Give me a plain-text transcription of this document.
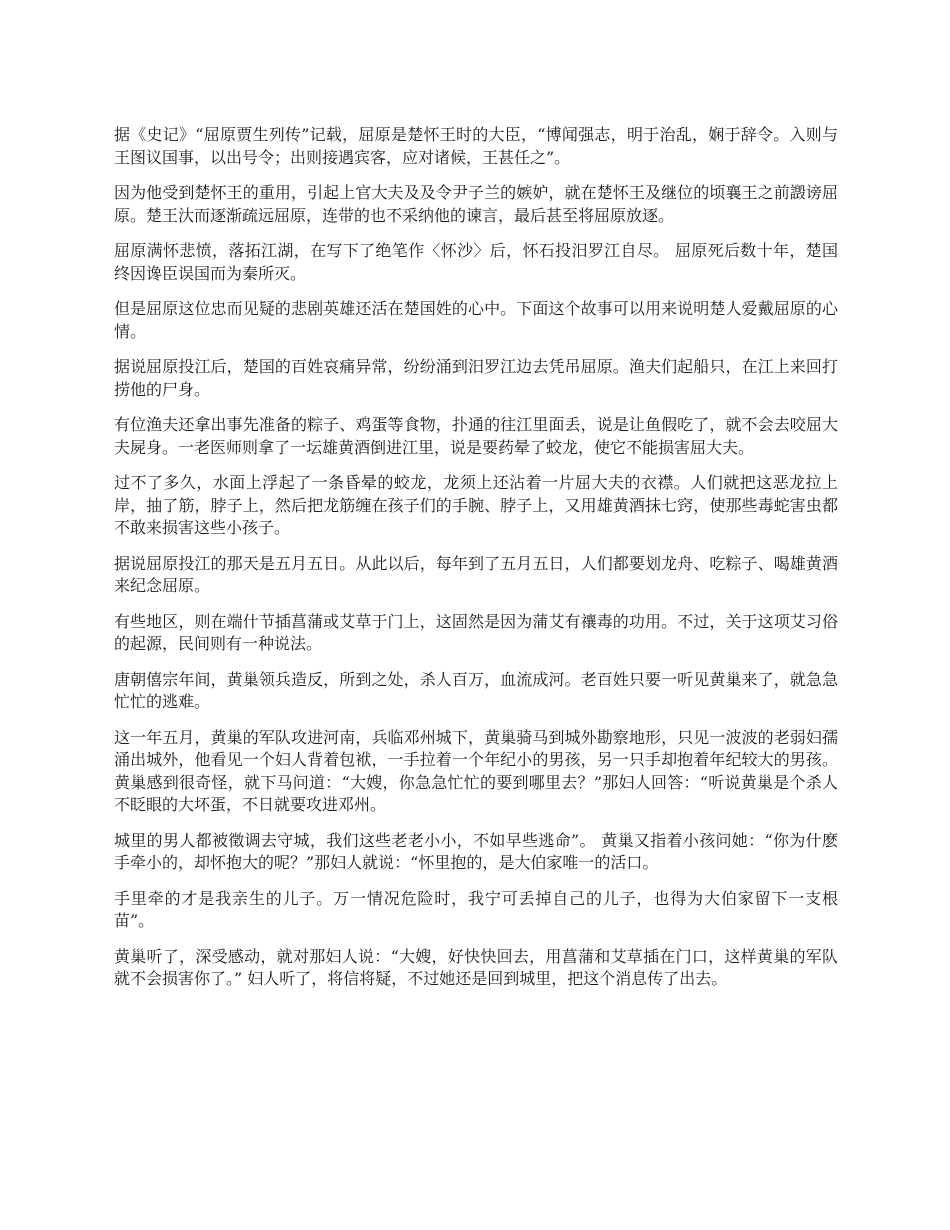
据《史记》“屈原贾生列传”记载，屈原是楚怀王时的大臣，“博闻强志，明于治乱，娴于辞令。入则与王图议国事，以出号令；出则接遇宾客，应对诸候，王甚任之”。

因为他受到楚怀王的重用，引起上官大夫及及令尹子兰的嫉妒，就在楚怀王及继位的顷襄王之前譭谤屈原。楚王汏而逐渐疏远屈原，连带的也不采纳他的谏言，最后甚至将屈原放逐。

屈原满怀悲愤，落拓江湖，在写下了绝笔作〈怀沙〉后，怀石投汨罗江自尽。 屈原死后数十年，楚国终因谗臣误国而为秦所灭。

但是屈原这位忠而见疑的悲剧英雄还活在楚国姓的心中。下面这个故事可以用来说明楚人爱戴屈原的心情。

据说屈原投江后，楚国的百姓哀痛异常，纷纷涌到汨罗江边去凭吊屈原。渔夫们起船只，在江上来回打捞他的尸身。

有位渔夫还拿出事先准备的粽子、鸡蛋等食物，扑通的往江里面丢，说是让鱼假吃了，就不会去咬屈大夫屍身。一老医师则拿了一坛雄黄酒倒进江里，说是要药晕了蛟龙，使它不能损害屈大夫。

过不了多久，水面上浮起了一条昏晕的蛟龙，龙须上还沾着一片屈大夫的衣襟。人们就把这恶龙拉上岸，抽了筋，脖子上，然后把龙筋缠在孩子们的手腕、脖子上，又用雄黄酒抹七窍，使那些毒蛇害虫都不敢来损害这些小孩子。

据说屈原投江的那天是五月五日。从此以后，每年到了五月五日，人们都要划龙舟、吃粽子、喝雄黄酒来纪念屈原。

有些地区，则在端什节插菖蒲或艾草于门上，这固然是因为蒲艾有禳毒的功用。不过，关于这项艾习俗的起源，民间则有一种说法。

唐朝僖宗年间，黄巢领兵造反，所到之处，杀人百万，血流成河。老百姓只要一听见黄巢来了，就急急忙忙的逃难。

这一年五月，黄巢的军队攻进河南，兵临邓州城下，黄巢骑马到城外勘察地形，只见一波波的老弱妇孺涌出城外，他看见一个妇人背着包袱，一手拉着一个年纪小的男孩，另一只手却抱着年纪较大的男孩。黄巢感到很奇怪，就下马问道：“大嫂，你急急忙忙的要到哪里去？”那妇人回答：“听说黄巢是个杀人不眨眼的大坏蛋，不日就要攻进邓州。

城里的男人都被徵调去守城，我们这些老老小小，不如早些逃命”。 黄巢又指着小孩问她：“你为什麽手牵小的，却怀抱大的呢？”那妇人就说：“怀里抱的，是大伯家唯一的活口。

手里牵的才是我亲生的儿子。万一情况危险时，我宁可丢掉自己的儿子，也得为大伯家留下一支根苗”。

黄巢听了，深受感动，就对那妇人说：“大嫂，好快快回去，用菖蒲和艾草插在门口，这样黄巢的军队就不会损害你了。” 妇人听了，将信将疑，不过她还是回到城里，把这个消息传了出去。
